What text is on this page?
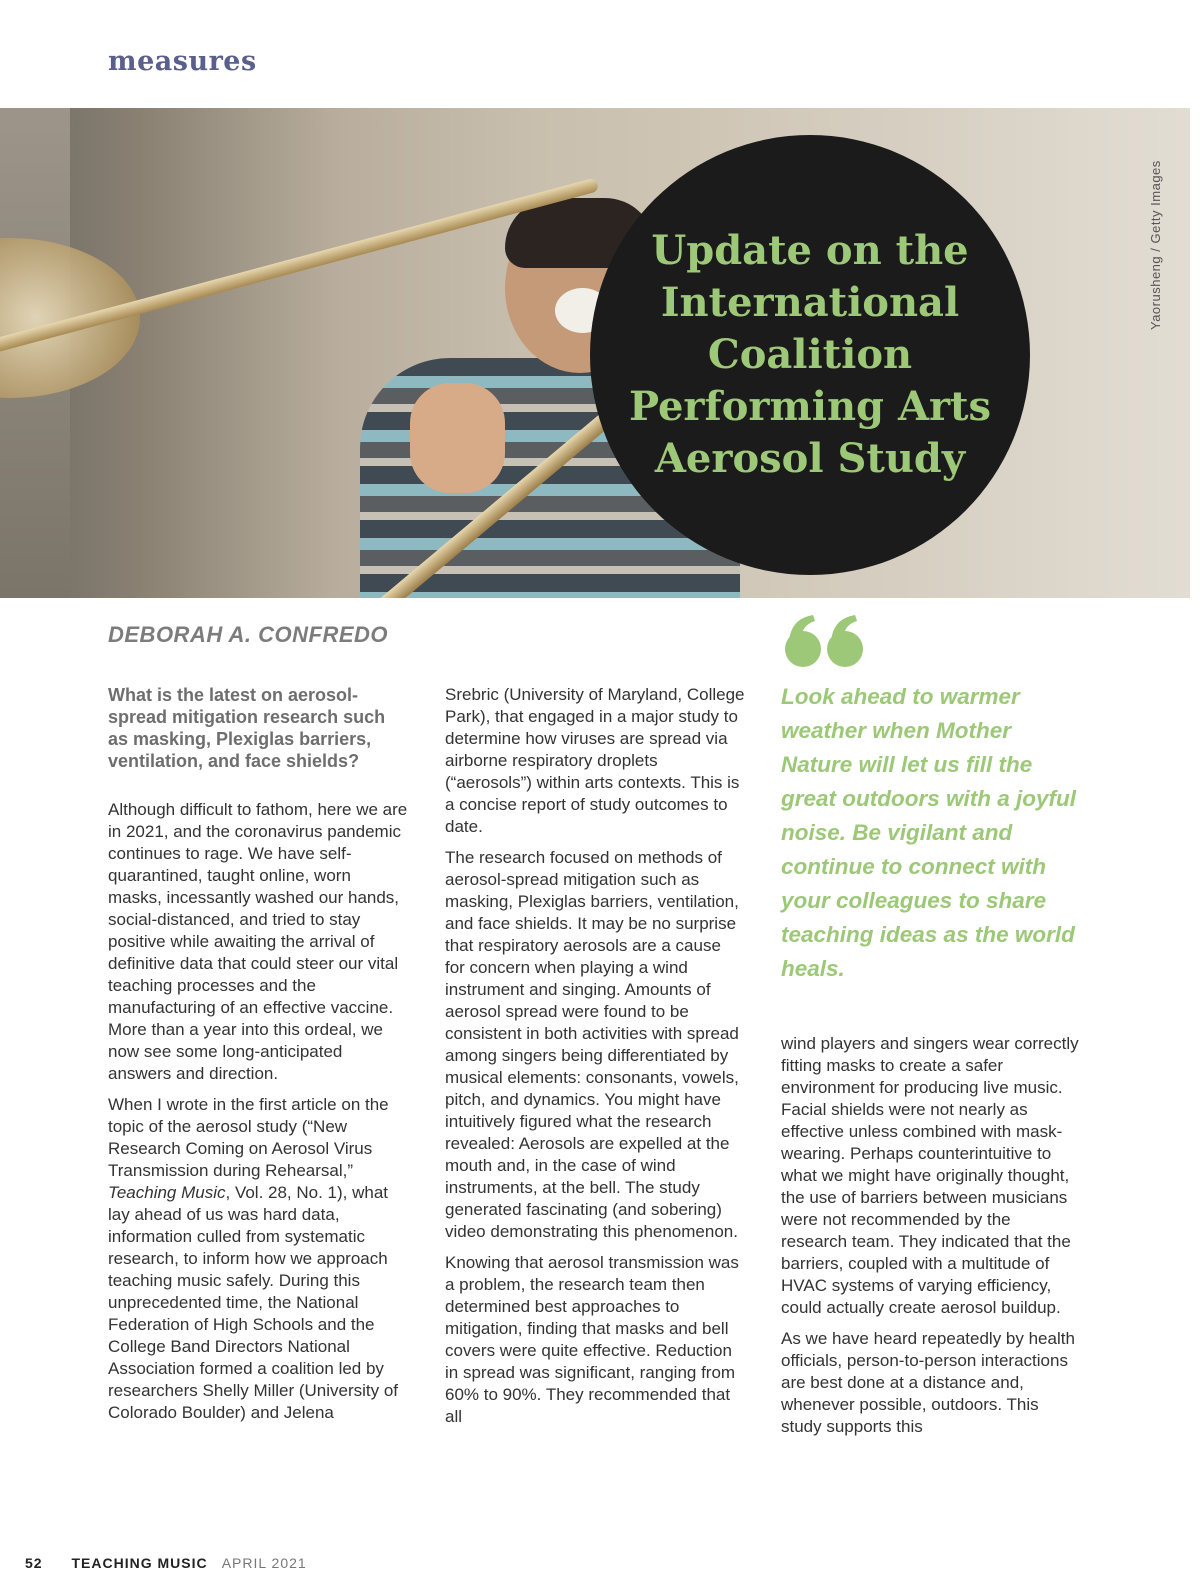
measures
Update on the International Coalition Performing Arts Aerosol Study
Yaorusheng / Getty Images
DEBORAH A. CONFREDO

What is the latest on aerosol-spread mitigation research such as masking, Plexiglas barriers, ventilation, and face shields?

Although difficult to fathom, here we are in 2021, and the coronavirus pandemic continues to rage. We have self-quarantined, taught online, worn masks, incessantly washed our hands, social-distanced, and tried to stay positive while awaiting the arrival of definitive data that could steer our vital teaching processes and the manufacturing of an effective vaccine. More than a year into this ordeal, we now see some long-anticipated answers and direction.

When I wrote in the first article on the topic of the aerosol study (“New Research Coming on Aerosol Virus Transmission during Rehearsal,” Teaching Music, Vol. 28, No. 1), what lay ahead of us was hard data, information culled from systematic research, to inform how we approach teaching music safely. During this unprecedented time, the National Federation of High Schools and the College Band Directors National Association formed a coalition led by researchers Shelly Miller (University of Colorado Boulder) and Jelena

Srebric (University of Maryland, College Park), that engaged in a major study to determine how viruses are spread via airborne respiratory droplets (“aerosols”) within arts contexts. This is a concise report of study outcomes to date.

The research focused on methods of aerosol-spread mitigation such as masking, Plexiglas barriers, ventilation, and face shields. It may be no surprise that respiratory aerosols are a cause for concern when playing a wind instrument and singing. Amounts of aerosol spread were found to be consistent in both activities with spread among singers being differentiated by musical elements: consonants, vowels, pitch, and dynamics. You might have intuitively figured what the research revealed: Aerosols are expelled at the mouth and, in the case of wind instruments, at the bell. The study generated fascinating (and sobering) video demonstrating this phenomenon.

Knowing that aerosol transmission was a problem, the research team then determined best approaches to mitigation, finding that masks and bell covers were quite effective. Reduction in spread was significant, ranging from 60% to 90%. They recommended that all

Look ahead to warmer weather when Mother Nature will let us fill the great outdoors with a joyful noise. Be vigilant and continue to connect with your colleagues to share teaching ideas as the world heals.

wind players and singers wear correctly fitting masks to create a safer environment for producing live music. Facial shields were not nearly as effective unless combined with mask-wearing. Perhaps counterintuitive to what we might have originally thought, the use of barriers between musicians were not recommended by the research team. They indicated that the barriers, coupled with a multitude of HVAC systems of varying efficiency, could actually create aerosol buildup.

As we have heard repeatedly by health officials, person-to-person interactions are best done at a distance and, whenever possible, outdoors. This study supports this

52 TEACHING MUSIC APRIL 2021
